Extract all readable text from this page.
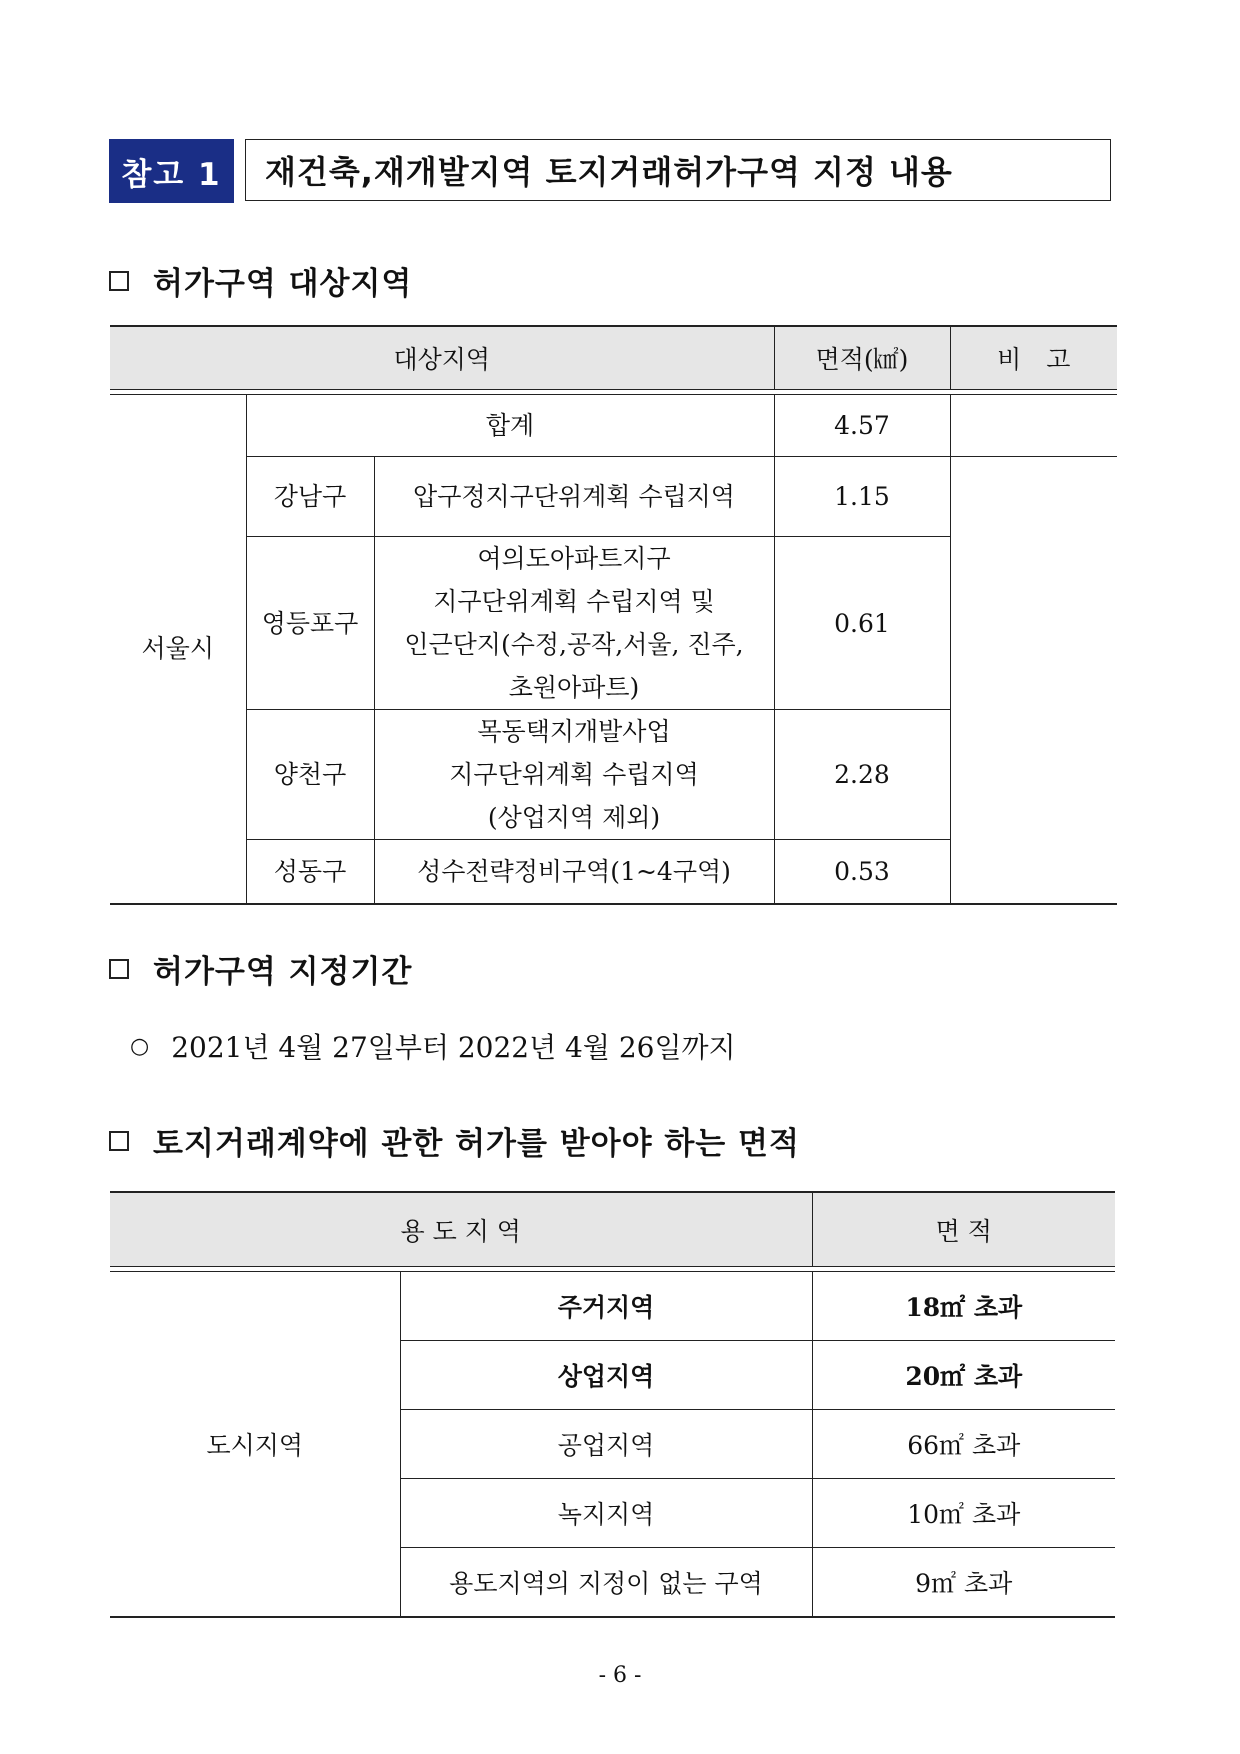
참고 1	재건축,재개발지역 토지거래허가구역 지정 내용
허가구역 대상지역
대상지역			면적(㎢)	비　고

서울시	합계		4.57	
	강남구	압구정지구단위계획 수립지역	1.15	
	영등포구	여의도아파트지구
지구단위계획 수립지역 및
인근단지(수정,공작,서울, 진주,
초원아파트)	0.61	
	양천구	목동택지개발사업
지구단위계획 수립지역
(상업지역 제외)	2.28	
	성동구	성수전략정비구역(1~4구역)	0.53	
허가구역 지정기간
○ 2021년 4월 27일부터 2022년 4월 26일까지
토지거래계약에 관한 허가를 받아야 하는 면적
용 도 지 역		면 적

도시지역	주거지역	18㎡ 초과
	상업지역	20㎡ 초과
	공업지역	66㎡ 초과
	녹지지역	10㎡ 초과
	용도지역의 지정이 없는 구역	9㎡ 초과
- 6 -
